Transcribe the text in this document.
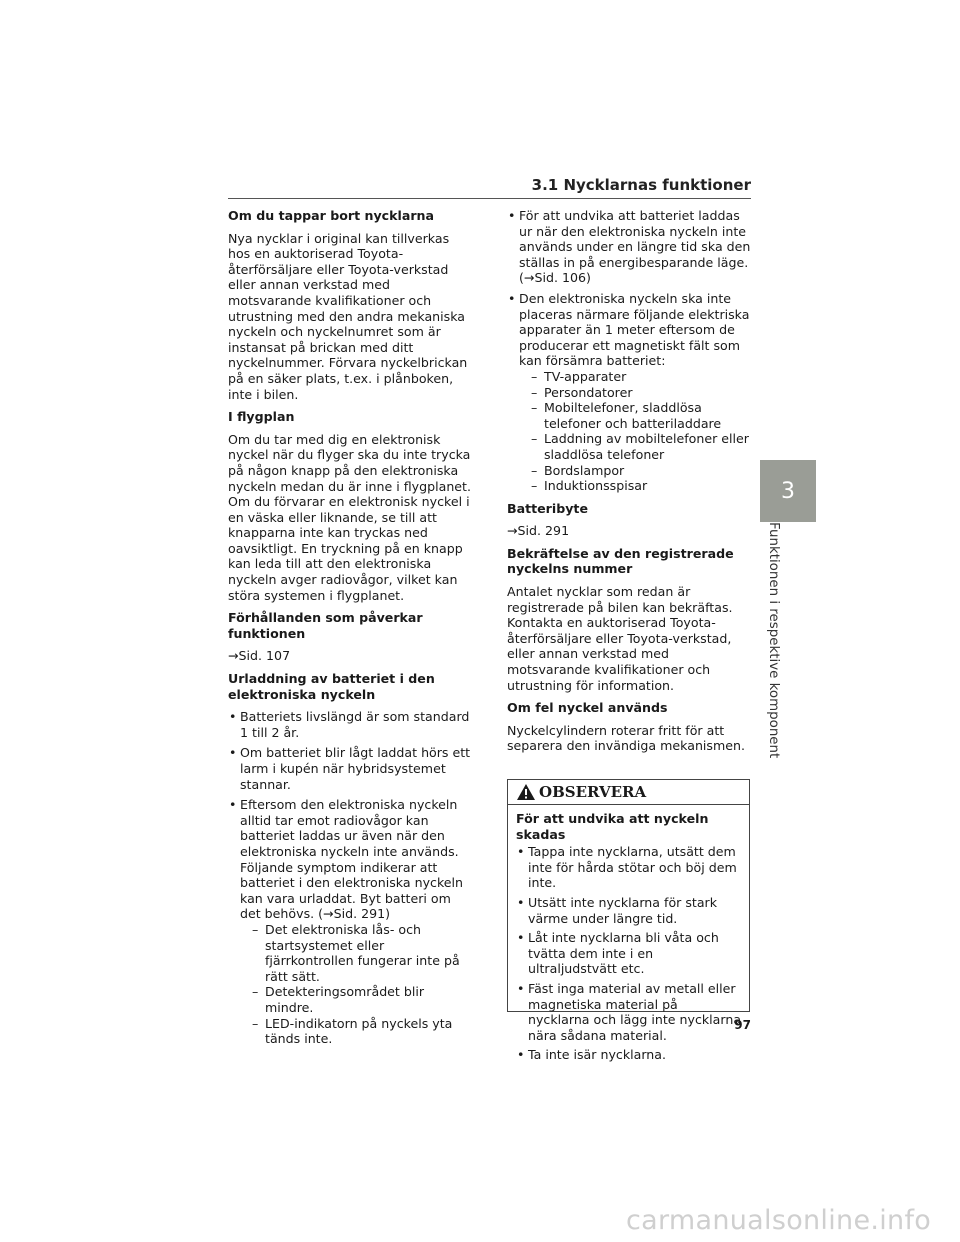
3.1 Nycklarnas funktioner
Om du tappar bort nycklarna
Nya nycklar i original kan tillverkas hos en auktoriserad Toyota-återförsäljare eller Toyota-verkstad eller annan verkstad med motsvarande kvalifikationer och utrustning med den andra mekaniska nyckeln och nyckelnumret som är instansat på brickan med ditt nyckelnummer. Förvara nyckelbrickan på en säker plats, t.ex. i plånboken, inte i bilen.
I flygplan
Om du tar med dig en elektronisk nyckel när du flyger ska du inte trycka på någon knapp på den elektroniska nyckeln medan du är inne i flygplanet. Om du förvarar en elektronisk nyckel i en väska eller liknande, se till att knapparna inte kan tryckas ned oavsiktligt. En tryckning på en knapp kan leda till att den elektroniska nyckeln avger radiovågor, vilket kan störa systemen i flygplanet.
Förhållanden som påverkar funktionen
→Sid. 107
Urladdning av batteriet i den elektroniska nyckeln
• Batteriets livslängd är som standard 1 till 2 år.
• Om batteriet blir lågt laddat hörs ett larm i kupén när hybridsystemet stannar.
• Eftersom den elektroniska nyckeln alltid tar emot radiovågor kan batteriet laddas ur även när den elektroniska nyckeln inte används. Följande symptom indikerar att batteriet i den elektroniska nyckeln kan vara urladdat. Byt batteri om det behövs. (→Sid. 291)
– Det elektroniska lås- och startsystemet eller fjärrkontrollen fungerar inte på rätt sätt.
– Detekteringsområdet blir mindre.
– LED-indikatorn på nyckels yta tänds inte.
• För att undvika att batteriet laddas ur när den elektroniska nyckeln inte används under en längre tid ska den ställas in på energibesparande läge. (→Sid. 106)
• Den elektroniska nyckeln ska inte placeras närmare följande elektriska apparater än 1 meter eftersom de producerar ett magnetiskt fält som kan försämra batteriet:
– TV-apparater
– Persondatorer
– Mobiltelefoner, sladdlösa telefoner och batteriladdare
– Laddning av mobiltelefoner eller sladdlösa telefoner
– Bordslampor
– Induktionsspisar
Batteribyte
→Sid. 291
Bekräftelse av den registrerade nyckelns nummer
Antalet nycklar som redan är registrerade på bilen kan bekräftas. Kontakta en auktoriserad Toyota-återförsäljare eller Toyota-verkstad, eller annan verkstad med motsvarande kvalifikationer och utrustning för information.
Om fel nyckel används
Nyckelcylindern roterar fritt för att separera den invändiga mekanismen.
OBSERVERA
För att undvika att nyckeln skadas
• Tappa inte nycklarna, utsätt dem inte för hårda stötar och böj dem inte.
• Utsätt inte nycklarna för stark värme under längre tid.
• Låt inte nycklarna bli våta och tvätta dem inte i en ultraljudstvätt etc.
• Fäst inga material av metall eller magnetiska material på nycklarna och lägg inte nycklarna nära sådana material.
• Ta inte isär nycklarna.
3
Funktionen i respektive komponent
97
carmanualsonline.info
